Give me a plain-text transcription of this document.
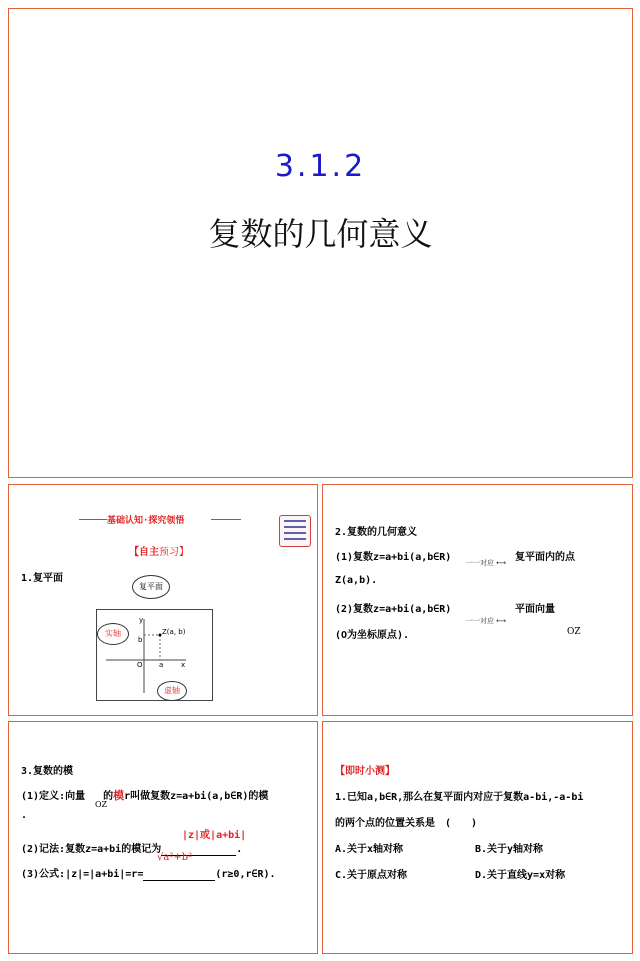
3.1.2
复数的几何意义
基础认知·探究领悟
【自主预习】
1.复平面
y
Z(a, b)
O a	x
b
复平面
实轴
虚轴
2.复数的几何意义
(1)复数z=a+bi(a,b∈R) 一一对应 ⟷ 复平面内的点
Z(a,b).
(2)复数z=a+bi(a,b∈R)
一一对应 ⟷
平面向量
(O为坐标原点).	OZ
3.复数的模
(1)定义:向量 的模r叫做复数z=a+bi(a,b∈R)的模
OZ
.
(2)记法:复数z=a+bi的模记为	.
|z|或|a+bi|
(3)公式:|z|=|a+bi|=r=	(r≥0,r∈R).
√a²+b²
【即时小测】
1.已知a,b∈R,那么在复平面内对应于复数a-bi,-a-bi
的两个点的位置关系是　(　　)
A.关于x轴对称	B.关于y轴对称
C.关于原点对称	D.关于直线y=x对称
